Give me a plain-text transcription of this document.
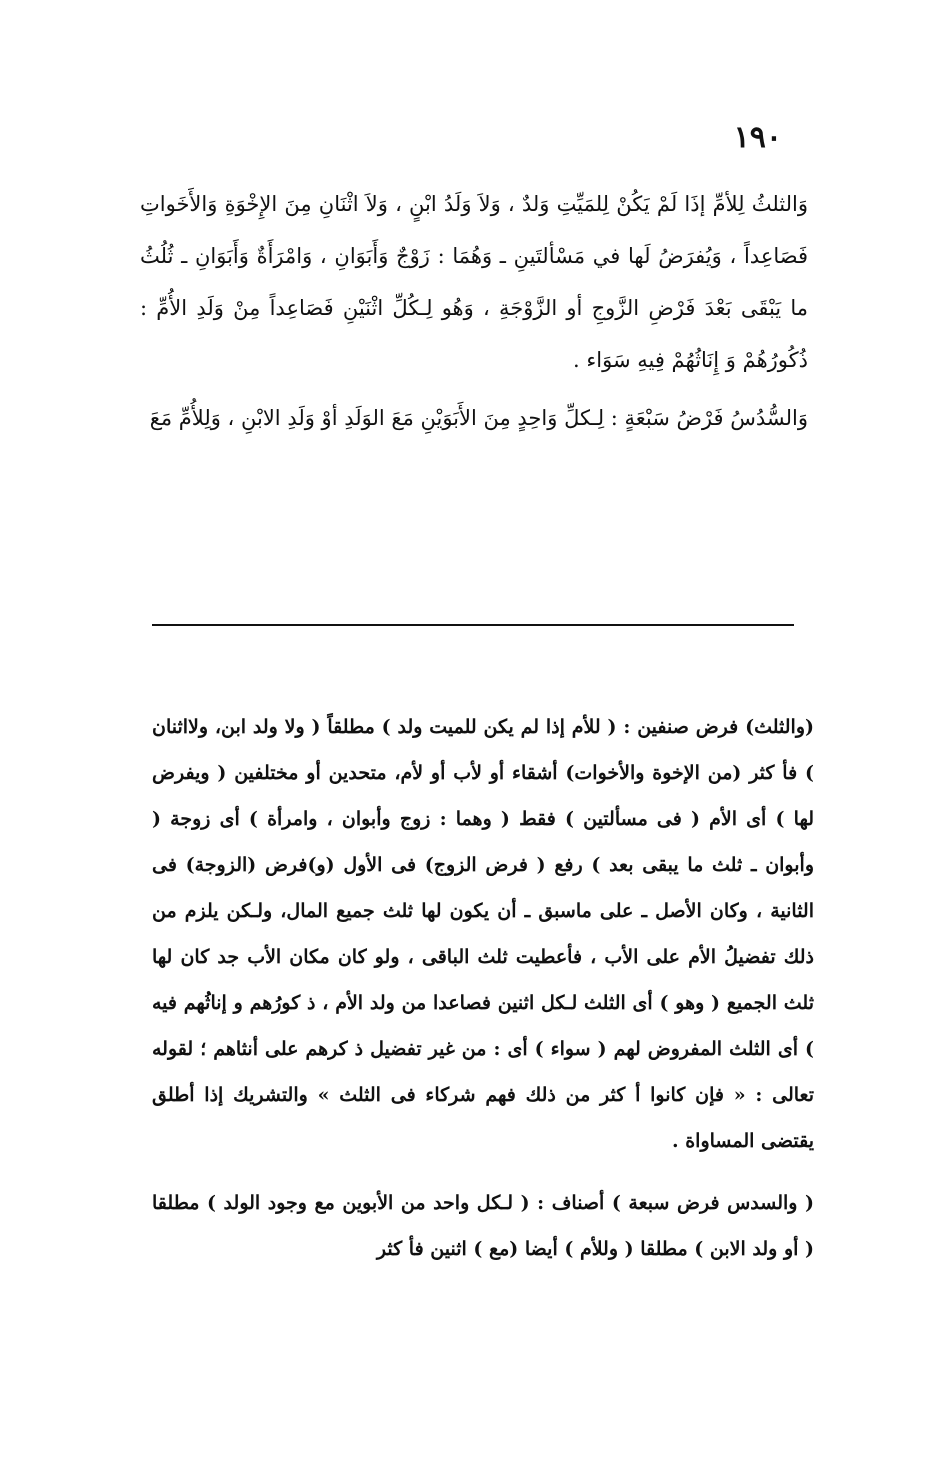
١٩٠

وَالثلثُ لِلأمِّ إذَا لَمْ يَكُنْ لِلمَيِّتِ وَلدٌ ، وَلاَ وَلَدُ ابْنٍ ، وَلاَ اثْنَانِ مِنَ الإِخْوَةِ وَالأَخَواتِ فَصَاعِداً ، وَيُفرَضُ لَها في مَسْألتَينِ ـ وَهُمَا : زَوْجٌ وَأَبَوَانِ ، وَامْرَأَةٌ وَأَبَوَانِ ـ ثُلُثُ ما يَبْقَى بَعْدَ فَرْضِ الزَّوجِ أو الزَّوْجَةِ ، وَهُو لِـكُلِّ اثْنَيْنِ فَصَاعِداً مِنْ وَلَدِ الأُمِّ : ذُكُورُهُمْ وَ إِنَاثُهُمْ فِيهِ سَوَاء .

وَالسُّدُسُ فَرْضُ سَبْعَةٍ : لِـكلِّ وَاحِدٍ مِنَ الأَبَوَيْنِ مَعَ الوَلَدِ أوْ وَلَدِ الابْنِ ، وَلِلأُمِّ مَعَ

(والثلث) فرض صنفين : ( للأم إذا لم يكن للميت ولد ) مطلقاً ( ولا ولد ابن، ولااثنان ) فأ كثر (من الإخوة والأخوات) أشقاء أو لأب أو لأم، متحدين أو مختلفين ( ويفرض لها ) أى الأم ( فى مسألتين ) فقط ( وهما : زوج وأبوان ، وامرأة ) أى زوجة ( وأبوان ـ ثلث ما يبقى بعد ) رفع ( فرض الزوج) فى الأول (و)فرض (الزوجة) فى الثانية ، وكان الأصل ـ على ماسبق ـ أن يكون لها ثلث جميع المال، ولـكن يلزم من ذلك تفضيلُ الأم على الأب ، فأعطيت ثلث الباقى ، ولو كان مكان الأب جد كان لها ثلث الجميع ( وهو ) أى الثلث لـكل اثنين فصاعدا من ولد الأم ، ذ كورُهم و إناثُهم فيه ) أى الثلث المفروض لهم ( سواء ) أى : من غير تفضيل ذ كرهم على أنثاهم ؛ لقوله تعالى : « فإن كانوا أ كثر من ذلك فهم شركاء فى الثلث » والتشريك إذا أطلق يقتضى المساواة .

( والسدس فرض سبعة ) أصناف : ( لـكل واحد من الأبوين مع وجود الولد ) مطلقا ( أو ولد الابن ) مطلقا ( وللأم ) أيضا (مع ) اثنين فأ كثر
